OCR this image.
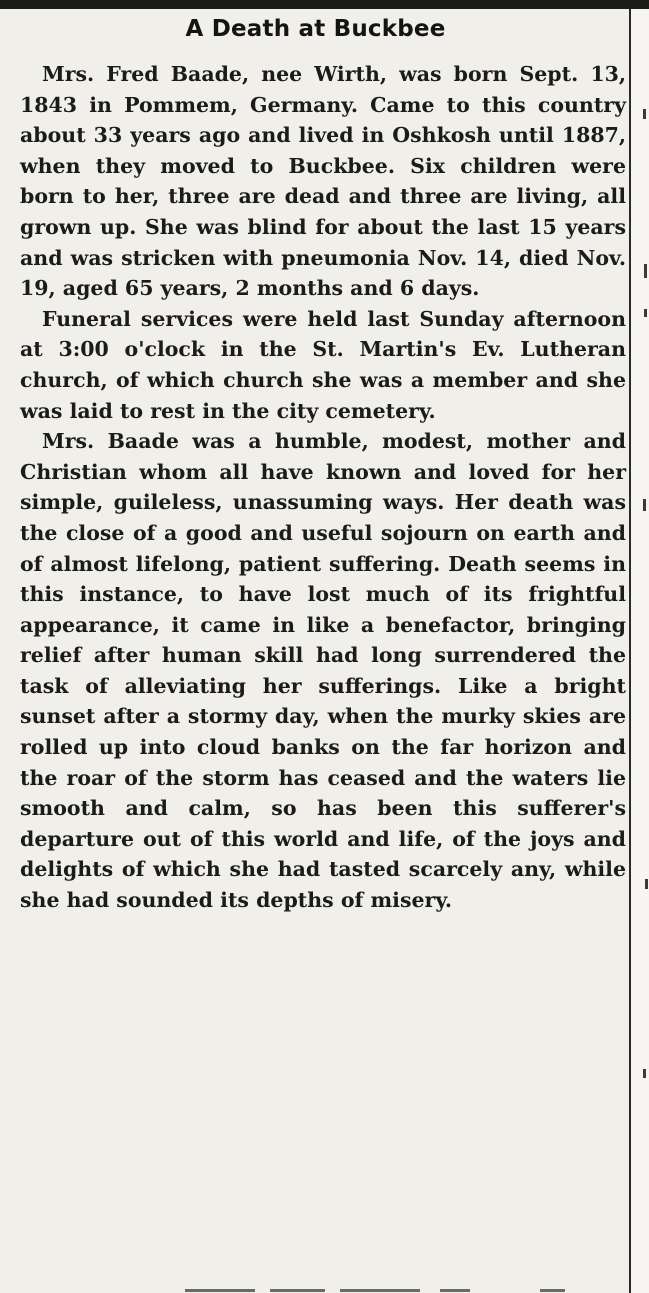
A Death at Buckbee

Mrs. Fred Baade, nee Wirth, was born Sept. 13, 1843 in Pommem, Germany. Came to this country about 33 years ago and lived in Oshkosh until 1887, when they moved to Buckbee. Six children were born to her, three are dead and three are living, all grown up. She was blind for about the last 15 years and was stricken with pneumonia Nov. 14, died Nov. 19, aged 65 years, 2 months and 6 days.

Funeral services were held last Sunday afternoon at 3:00 o'clock in the St. Martin's Ev. Lutheran church, of which church she was a member and she was laid to rest in the city cemetery.

Mrs. Baade was a humble, modest, mother and Christian whom all have known and loved for her simple, guileless, unassuming ways. Her death was the close of a good and useful sojourn on earth and of almost lifelong, patient suffering. Death seems in this instance, to have lost much of its frightful appearance, it came in like a benefactor, bringing relief after human skill had long surrendered the task of alleviating her sufferings. Like a bright sunset after a stormy day, when the murky skies are rolled up into cloud banks on the far horizon and the roar of the storm has ceased and the waters lie smooth and calm, so has been this sufferer's departure out of this world and life, of the joys and delights of which she had tasted scarcely any, while she had sounded its depths of misery.
